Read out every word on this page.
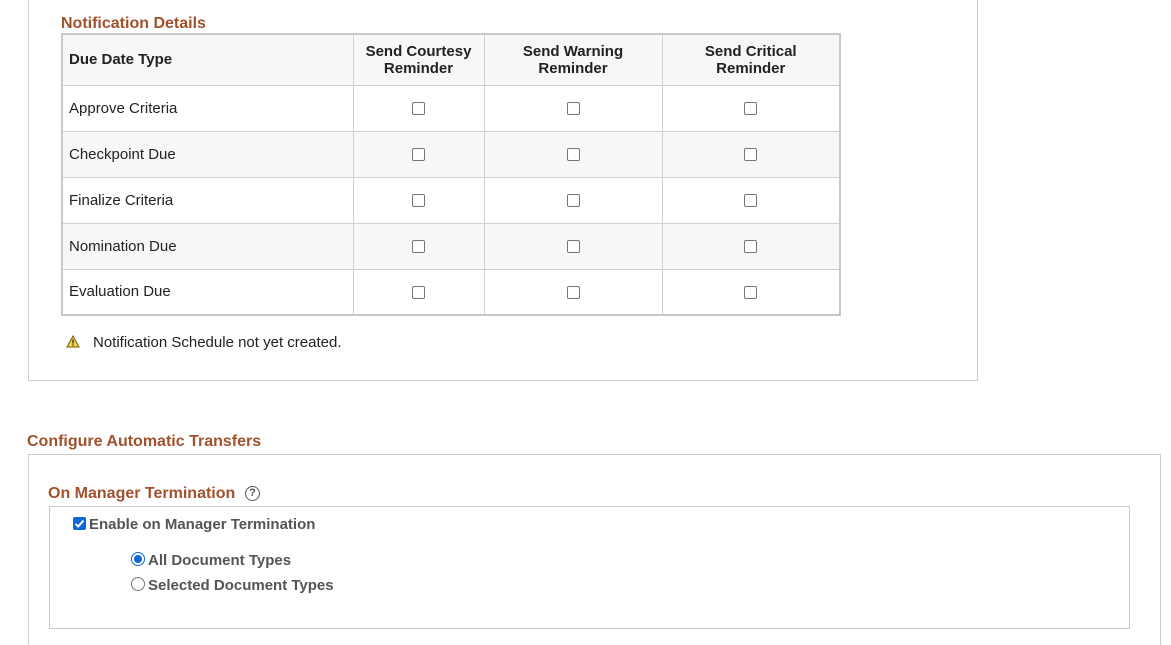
Notification Details
Due Date Type	Send Courtesy Reminder	Send Warning Reminder	Send Critical Reminder
Approve Criteria			
Checkpoint Due			
Finalize Criteria			
Nomination Due			
Evaluation Due			
Notification Schedule not yet created.
Configure Automatic Transfers
On Manager Termination	?
Enable on Manager Termination
All Document Types
Selected Document Types
